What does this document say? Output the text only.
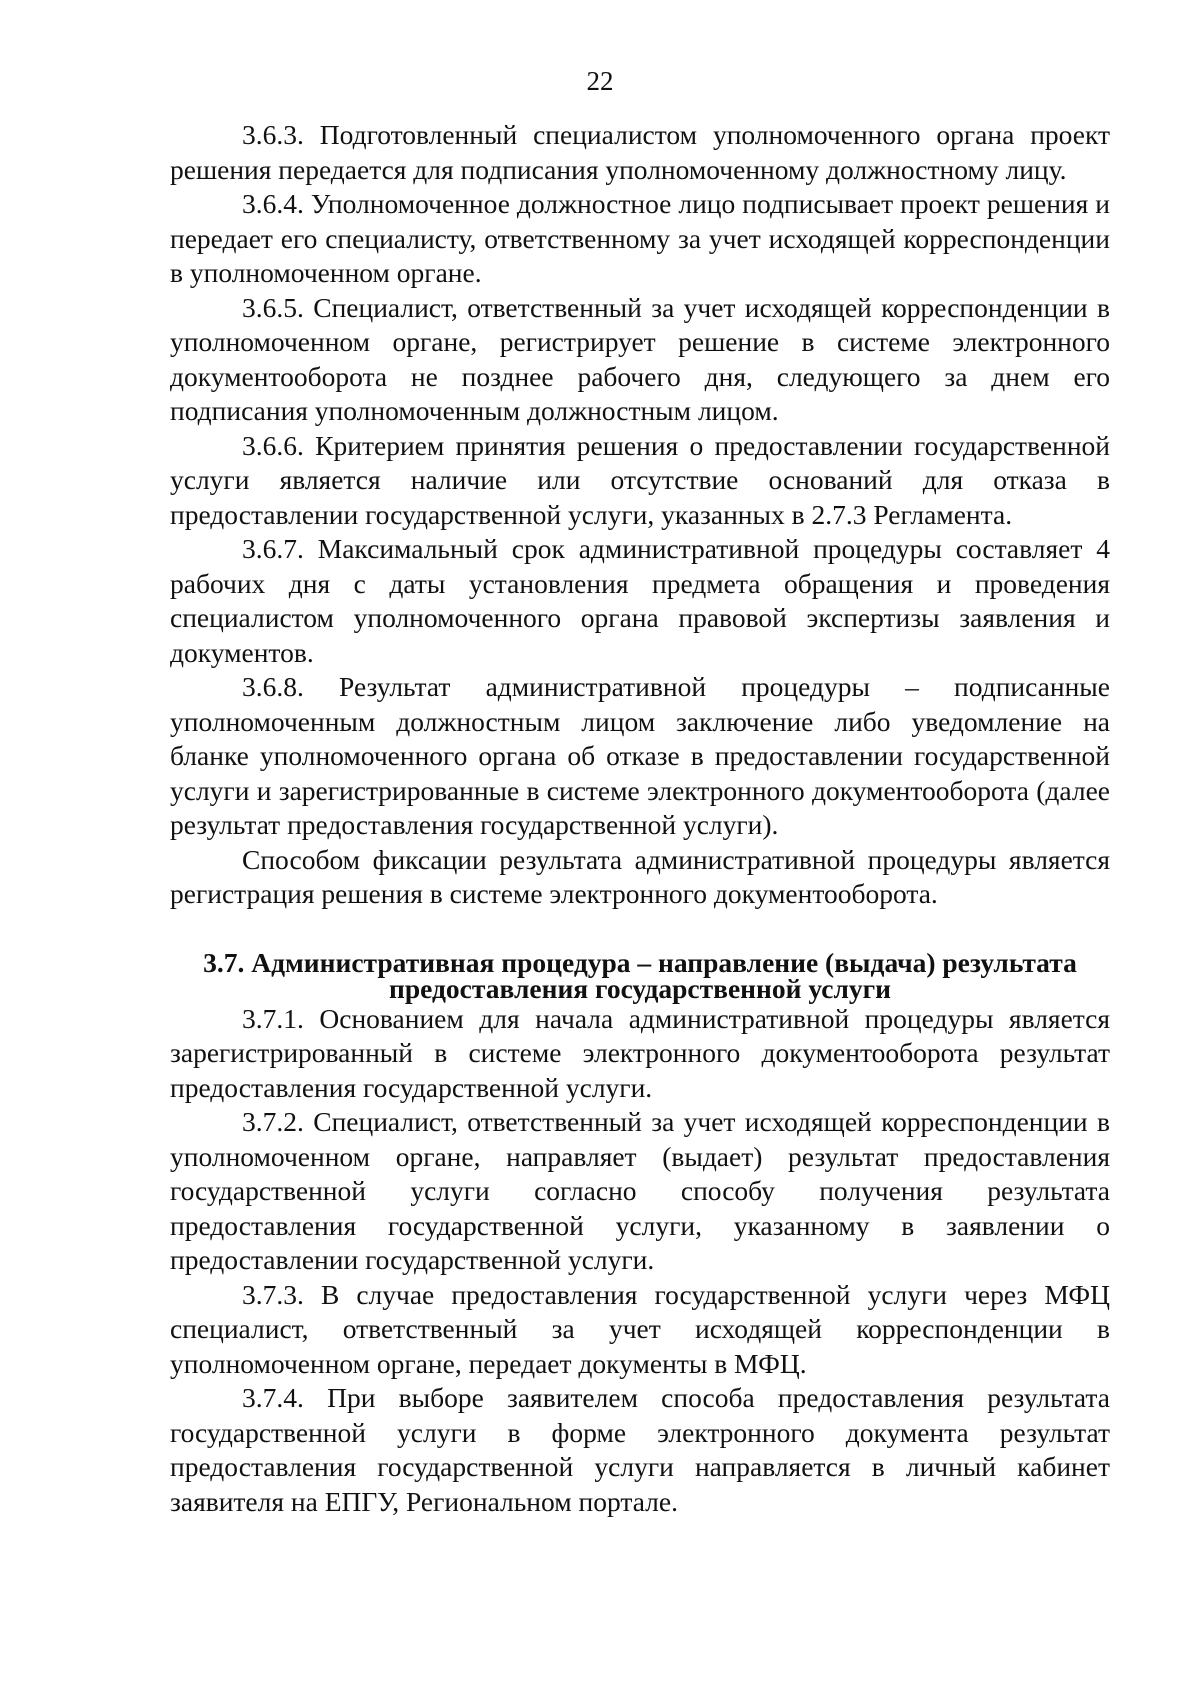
22

3.6.3. Подготовленный специалистом уполномоченного органа проект решения передается для подписания уполномоченному должностному лицу.

3.6.4. Уполномоченное должностное лицо подписывает проект решения и передает его специалисту, ответственному за учет исходящей корреспонденции в уполномоченном органе.

3.6.5. Специалист, ответственный за учет исходящей корреспонденции в уполномоченном органе, регистрирует решение в системе электронного документооборота не позднее рабочего дня, следующего за днем его подписания уполномоченным должностным лицом.

3.6.6. Критерием принятия решения о предоставлении государственной услуги является наличие или отсутствие оснований для отказа в предоставлении государственной услуги, указанных в 2.7.3 Регламента.

3.6.7. Максимальный срок административной процедуры составляет 4 рабочих дня с даты установления предмета обращения и проведения специалистом уполномоченного органа правовой экспертизы заявления и документов.

3.6.8. Результат административной процедуры – подписанные уполномоченным должностным лицом заключение либо уведомление на бланке уполномоченного органа об отказе в предоставлении государственной услуги и зарегистрированные в системе электронного документооборота (далее результат предоставления государственной услуги).

Способом фиксации результата административной процедуры является регистрация решения в системе электронного документооборота.

3.7. Административная процедура – направление (выдача) результата
предоставления государственной услуги

3.7.1. Основанием для начала административной процедуры является зарегистрированный в системе электронного документооборота результат предоставления государственной услуги.

3.7.2. Специалист, ответственный за учет исходящей корреспонденции в уполномоченном органе, направляет (выдает) результат предоставления государственной услуги согласно способу получения результата предоставления государственной услуги, указанному в заявлении о предоставлении государственной услуги.

3.7.3. В случае предоставления государственной услуги через МФЦ специалист, ответственный за учет исходящей корреспонденции в уполномоченном органе, передает документы в МФЦ.

3.7.4. При выборе заявителем способа предоставления результата государственной услуги в форме электронного документа результат предоставления государственной услуги направляется в личный кабинет заявителя на ЕПГУ, Региональном портале.
